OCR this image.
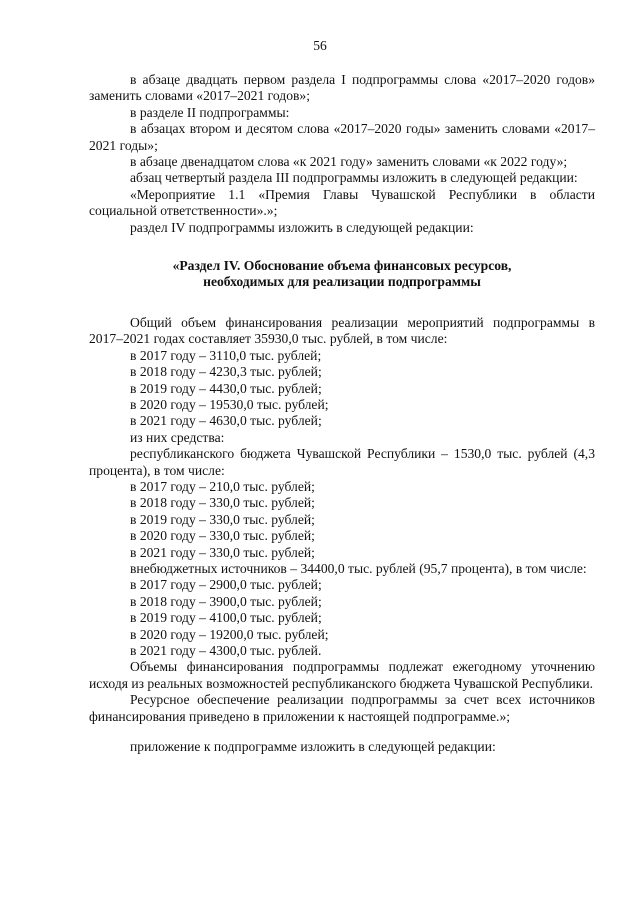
56

в абзаце двадцать первом раздела I подпрограммы слова «2017–2020 годов» заменить словами «2017–2021 годов»;

в разделе II подпрограммы:

в абзацах втором и десятом слова «2017–2020 годы» заменить словами «2017–2021 годы»;

в абзаце двенадцатом слова «к 2021 году» заменить словами «к 2022 году»;

абзац четвертый раздела III подпрограммы изложить в следующей редакции:

«Мероприятие 1.1 «Премия Главы Чувашской Республики в области социальной ответственности».»;

раздел IV подпрограммы изложить в следующей редакции:

«Раздел IV. Обоснование объема финансовых ресурсов,
необходимых для реализации подпрограммы

Общий объем финансирования реализации мероприятий подпрограммы в 2017–2021 годах составляет 35930,0 тыс. рублей, в том числе:

в 2017 году – 3110,0 тыс. рублей;

в 2018 году – 4230,3 тыс. рублей;

в 2019 году – 4430,0 тыс. рублей;

в 2020 году – 19530,0 тыс. рублей;

в 2021 году – 4630,0 тыс. рублей;

из них средства:

республиканского бюджета Чувашской Республики – 1530,0 тыс. рублей (4,3 процента), в том числе:

в 2017 году – 210,0 тыс. рублей;

в 2018 году – 330,0 тыс. рублей;

в 2019 году – 330,0 тыс. рублей;

в 2020 году – 330,0 тыс. рублей;

в 2021 году – 330,0 тыс. рублей;

внебюджетных источников – 34400,0 тыс. рублей (95,7 процента), в том числе:

в 2017 году – 2900,0 тыс. рублей;

в 2018 году – 3900,0 тыс. рублей;

в 2019 году – 4100,0 тыс. рублей;

в 2020 году – 19200,0 тыс. рублей;

в 2021 году – 4300,0 тыс. рублей.

Объемы финансирования подпрограммы подлежат ежегодному уточнению исходя из реальных возможностей республиканского бюджета Чувашской Республики.

Ресурсное обеспечение реализации подпрограммы за счет всех источников финансирования приведено в приложении к настоящей подпрограмме.»;

приложение к подпрограмме изложить в следующей редакции:
